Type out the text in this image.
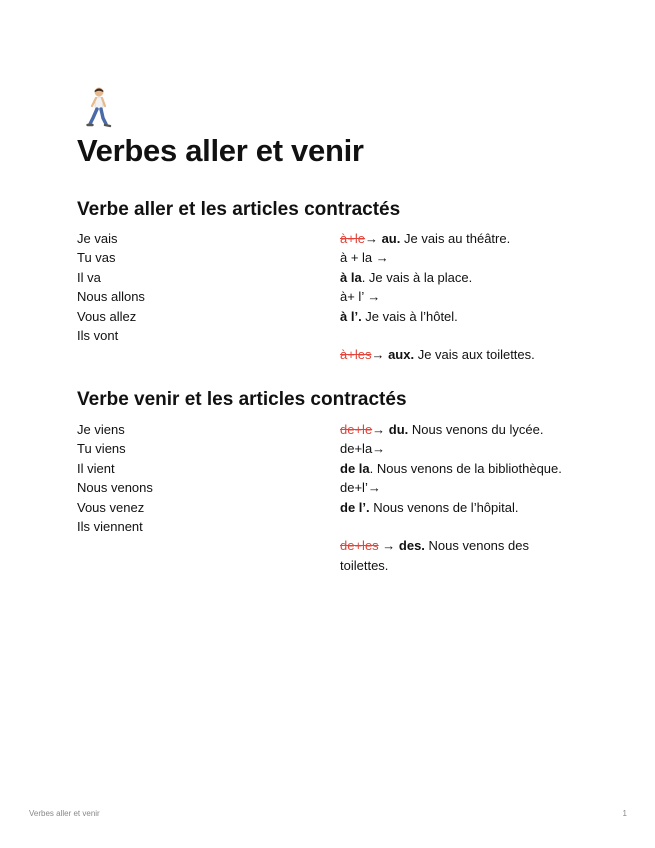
Verbes aller et venir
Verbe aller et les articles contractés
Je vais
Tu vas
Il va
Nous allons
Vous allez
Ils vont
à+le→ au. Je vais au théâtre.
à + la →
à la. Je vais à la place.
à+ l’ →
à l’. Je vais à l’hôtel.
à+les→ aux. Je vais aux toilettes.
Verbe venir et les articles contractés
Je viens
Tu viens
Il vient
Nous venons
Vous venez
Ils viennent
de+le→ du. Nous venons du lycée.
de+la→
de la. Nous venons de la bibliothèque.
de+l’→
de l’. Nous venons de l’hôpital.
de+les → des. Nous venons des toilettes.
Verbes aller et venir	1
